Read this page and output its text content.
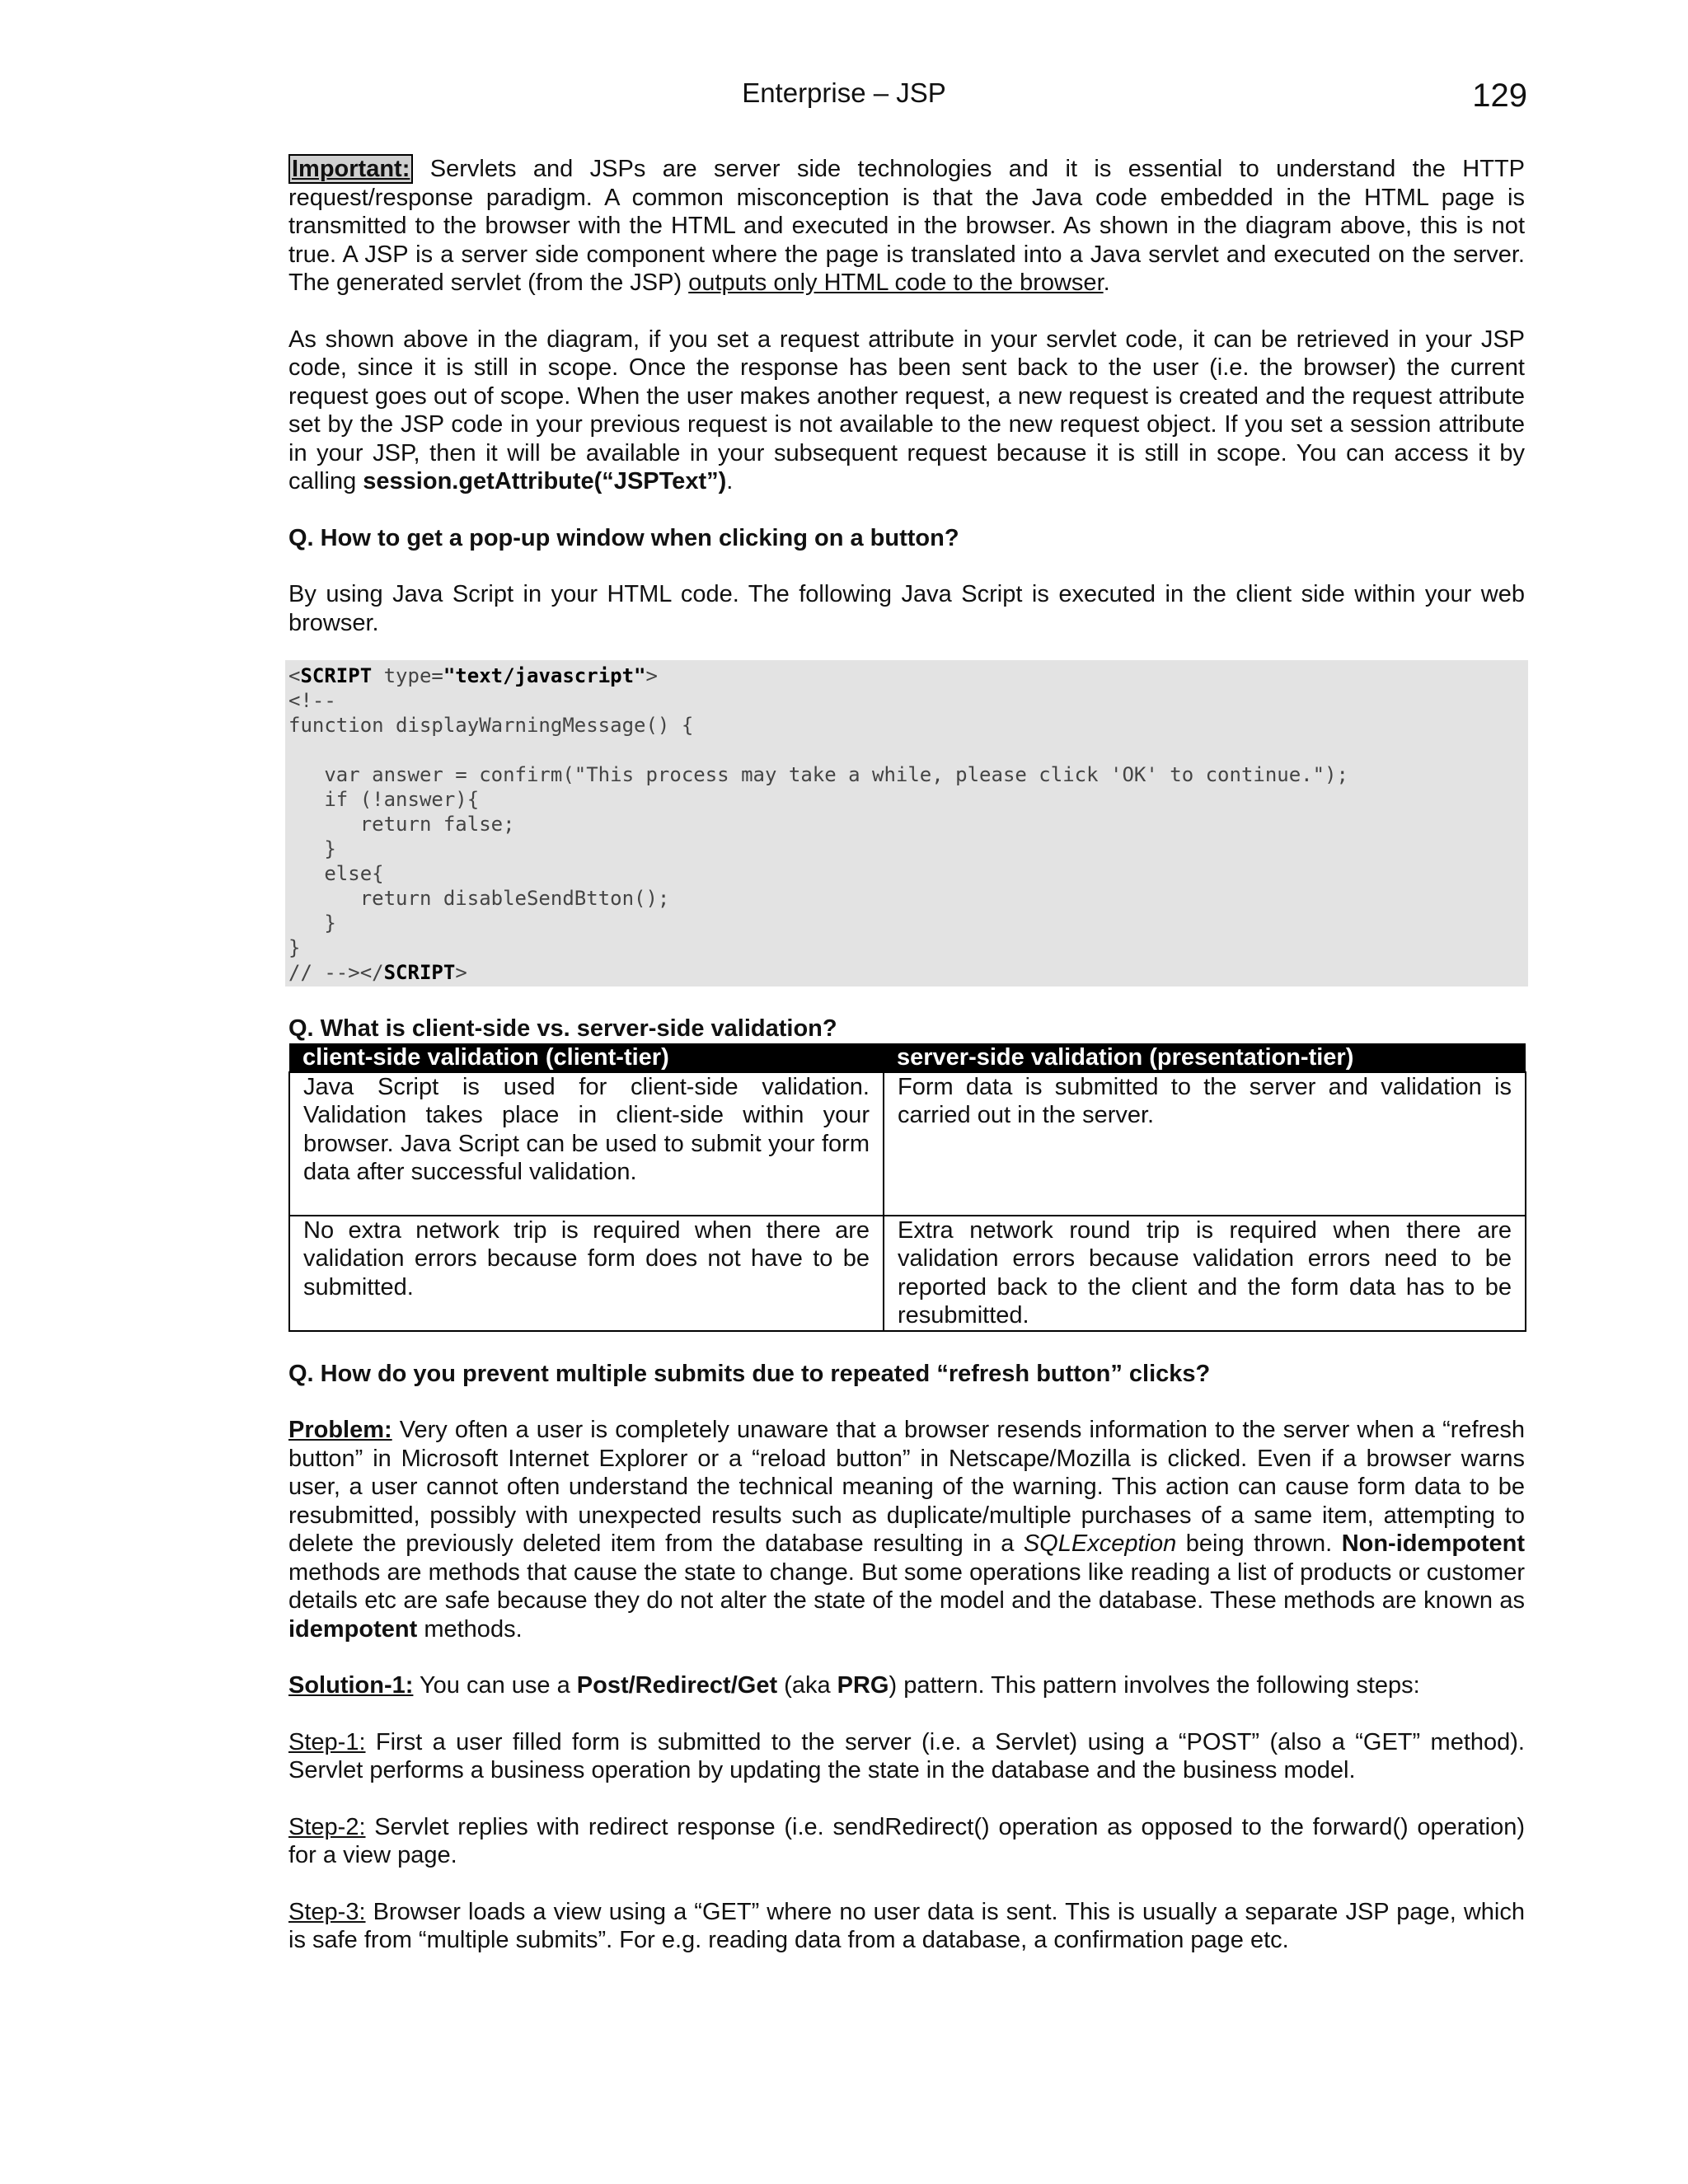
Enterprise – JSP	129

Important: Servlets and JSPs are server side technologies and it is essential to understand the HTTP request/response paradigm. A common misconception is that the Java code embedded in the HTML page is transmitted to the browser with the HTML and executed in the browser. As shown in the diagram above, this is not true. A JSP is a server side component where the page is translated into a Java servlet and executed on the server. The generated servlet (from the JSP) outputs only HTML code to the browser.

As shown above in the diagram, if you set a request attribute in your servlet code, it can be retrieved in your JSP code, since it is still in scope. Once the response has been sent back to the user (i.e. the browser) the current request goes out of scope. When the user makes another request, a new request is created and the request attribute set by the JSP code in your previous request is not available to the new request object. If you set a session attribute in your JSP, then it will be available in your subsequent request because it is still in scope. You can access it by calling session.getAttribute(“JSPText”).

Q. How to get a pop-up window when clicking on a button?

By using Java Script in your HTML code. The following Java Script is executed in the client side within your web browser.

<SCRIPT type="text/javascript">
<!--
function displayWarningMessage() {

var answer = confirm("This process may take a while, please click 'OK' to continue.");
if (!answer){
return false;
}
else{
return disableSendBtton();
}
}
// --></SCRIPT>
Q. What is client-side vs. server-side validation?
client-side validation (client-tier)	server-side validation (presentation-tier)
Java Script is used for client-side validation. Validation takes place in client-side within your browser. Java Script can be used to submit your form data after successful validation.	Form data is submitted to the server and validation is carried out in the server.
No extra network trip is required when there are validation errors because form does not have to be submitted.	Extra network round trip is required when there are validation errors because validation errors need to be reported back to the client and the form data has to be resubmitted.
Q. How do you prevent multiple submits due to repeated “refresh button” clicks?

Problem: Very often a user is completely unaware that a browser resends information to the server when a “refresh button” in Microsoft Internet Explorer or a “reload button” in Netscape/Mozilla is clicked. Even if a browser warns user, a user cannot often understand the technical meaning of the warning. This action can cause form data to be resubmitted, possibly with unexpected results such as duplicate/multiple purchases of a same item, attempting to delete the previously deleted item from the database resulting in a SQLException being thrown. Non-idempotent methods are methods that cause the state to change. But some operations like reading a list of products or customer details etc are safe because they do not alter the state of the model and the database. These methods are known as idempotent methods.

Solution-1: You can use a Post/Redirect/Get (aka PRG) pattern. This pattern involves the following steps:

Step-1: First a user filled form is submitted to the server (i.e. a Servlet) using a “POST” (also a “GET” method). Servlet performs a business operation by updating the state in the database and the business model.

Step-2: Servlet replies with redirect response (i.e. sendRedirect() operation as opposed to the forward() operation) for a view page.

Step-3: Browser loads a view using a “GET” where no user data is sent. This is usually a separate JSP page, which is safe from “multiple submits”. For e.g. reading data from a database, a confirmation page etc.
